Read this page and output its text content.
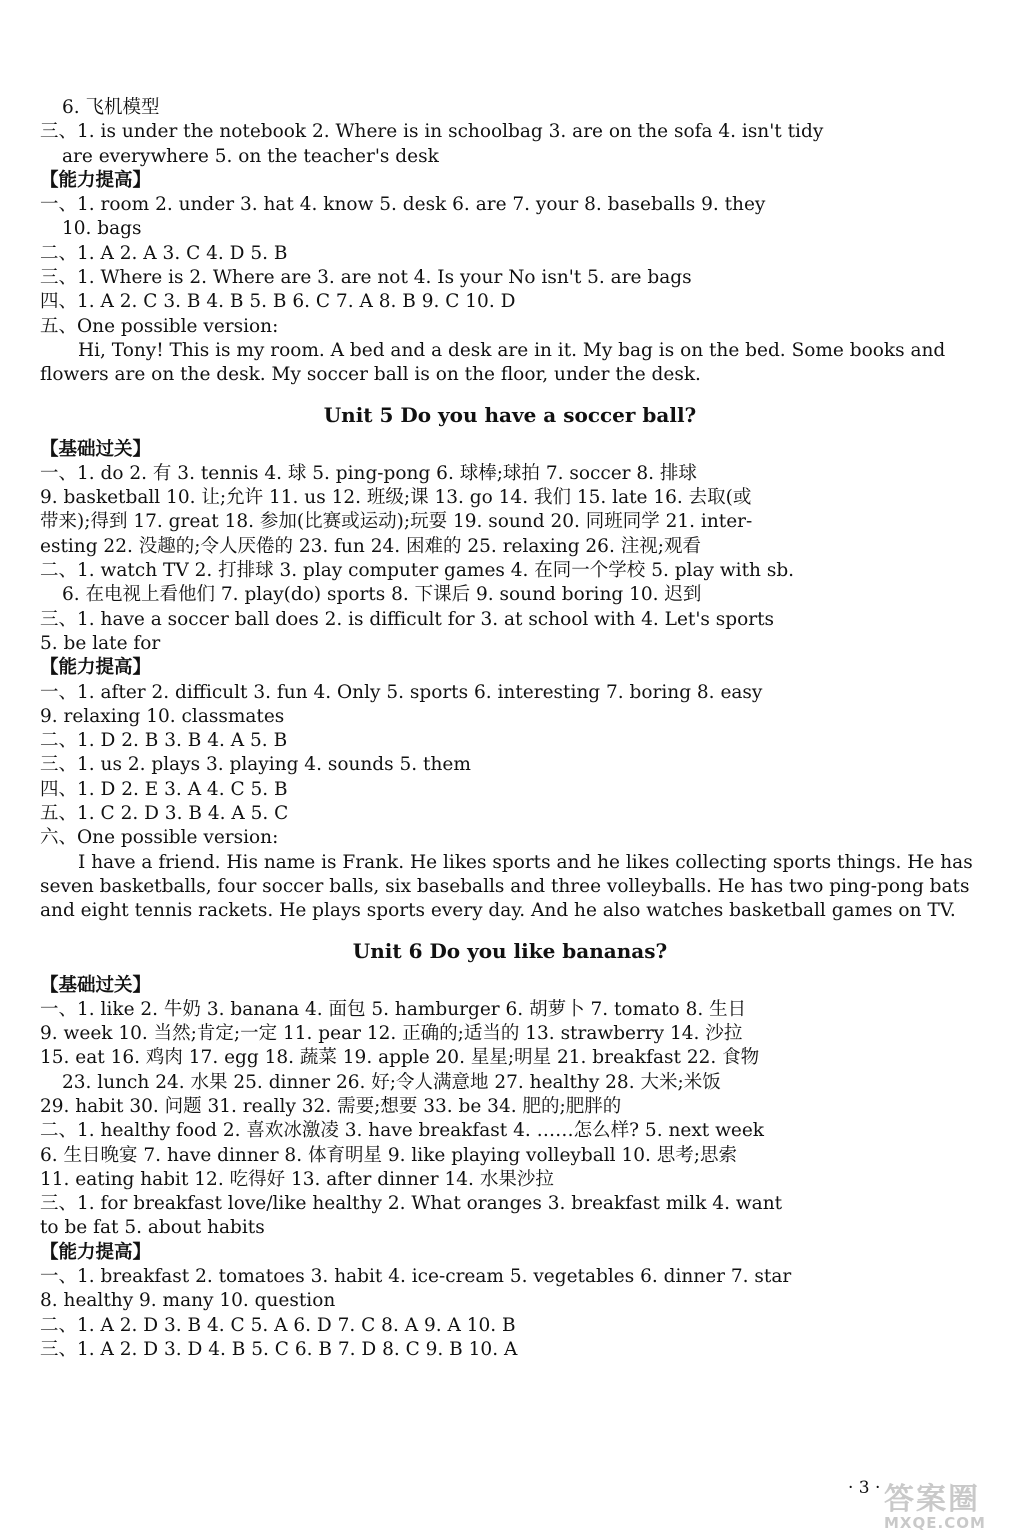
6. 飞机模型
三、1. is under the notebook 2. Where is in schoolbag 3. are on the sofa 4. isn't tidy
are everywhere 5. on the teacher's desk
【能力提高】
一、1. room 2. under 3. hat 4. know 5. desk 6. are 7. your 8. baseballs 9. they
10. bags
二、1. A 2. A 3. C 4. D 5. B
三、1. Where is 2. Where are 3. are not 4. Is your No isn't 5. are bags
四、1. A 2. C 3. B 4. B 5. B 6. C 7. A 8. B 9. C 10. D
五、One possible version:

Hi, Tony! This is my room. A bed and a desk are in it. My bag is on the bed. Some books and flowers are on the desk. My soccer ball is on the floor, under the desk.

Unit 5 Do you have a soccer ball?
【基础过关】
一、1. do 2. 有 3. tennis 4. 球 5. ping-pong 6. 球棒;球拍 7. soccer 8. 排球
9. basketball 10. 让;允许 11. us 12. 班级;课 13. go 14. 我们 15. late 16. 去取(或
带来);得到 17. great 18. 参加(比赛或运动);玩耍 19. sound 20. 同班同学 21. inter-
esting 22. 没趣的;令人厌倦的 23. fun 24. 困难的 25. relaxing 26. 注视;观看
二、1. watch TV 2. 打排球 3. play computer games 4. 在同一个学校 5. play with sb.
6. 在电视上看他们 7. play(do) sports 8. 下课后 9. sound boring 10. 迟到
三、1. have a soccer ball does 2. is difficult for 3. at school with 4. Let's sports
5. be late for
【能力提高】
一、1. after 2. difficult 3. fun 4. Only 5. sports 6. interesting 7. boring 8. easy
9. relaxing 10. classmates
二、1. D 2. B 3. B 4. A 5. B
三、1. us 2. plays 3. playing 4. sounds 5. them
四、1. D 2. E 3. A 4. C 5. B
五、1. C 2. D 3. B 4. A 5. C
六、One possible version:

I have a friend. His name is Frank. He likes sports and he likes collecting sports things. He has seven basketballs, four soccer balls, six baseballs and three volleyballs. He has two ping-pong bats and eight tennis rackets. He plays sports every day. And he also watches basketball games on TV.

Unit 6 Do you like bananas?
【基础过关】
一、1. like 2. 牛奶 3. banana 4. 面包 5. hamburger 6. 胡萝卜 7. tomato 8. 生日
9. week 10. 当然;肯定;一定 11. pear 12. 正确的;适当的 13. strawberry 14. 沙拉
15. eat 16. 鸡肉 17. egg 18. 蔬菜 19. apple 20. 星星;明星 21. breakfast 22. 食物
23. lunch 24. 水果 25. dinner 26. 好;令人满意地 27. healthy 28. 大米;米饭
29. habit 30. 问题 31. really 32. 需要;想要 33. be 34. 肥的;肥胖的
二、1. healthy food 2. 喜欢冰激凌 3. have breakfast 4. ……怎么样? 5. next week
6. 生日晚宴 7. have dinner 8. 体育明星 9. like playing volleyball 10. 思考;思索
11. eating habit 12. 吃得好 13. after dinner 14. 水果沙拉
三、1. for breakfast love/like healthy 2. What oranges 3. breakfast milk 4. want
to be fat 5. about habits
【能力提高】
一、1. breakfast 2. tomatoes 3. habit 4. ice-cream 5. vegetables 6. dinner 7. star
8. healthy 9. many 10. question
二、1. A 2. D 3. B 4. C 5. A 6. D 7. C 8. A 9. A 10. B
三、1. A 2. D 3. D 4. B 5. C 6. B 7. D 8. C 9. B 10. A
· 3 · 答案圈
MXQE.COM
